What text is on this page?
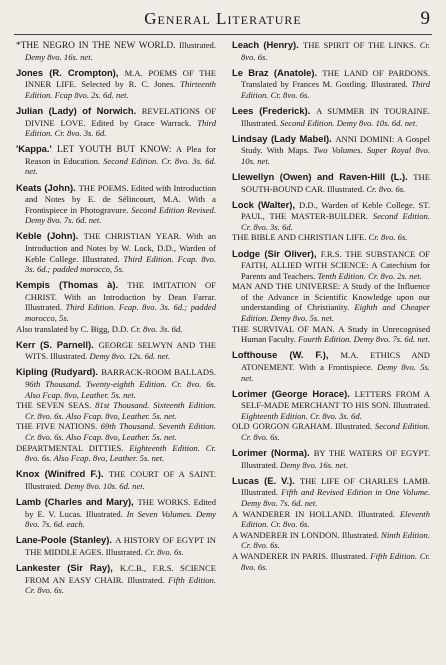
General Literature	9

*THE NEGRO IN THE NEW WORLD. Illustrated. Demy 8vo. 16s. net.

Jones (R. Crompton), M.A. POEMS OF THE INNER LIFE. Selected by R. C. Jones. Thirteenth Edition. Fcap 8vo. 2s. 6d. net.

Julian (Lady) of Norwich. REVELATIONS OF DIVINE LOVE. Edited by Grace Warrack. Third Edition. Cr. 8vo. 3s. 6d.

'Kappa.' LET YOUTH BUT KNOW: A Plea for Reason in Education. Second Edition. Cr. 8vo. 3s. 6d. net.

Keats (John). THE POEMS. Edited with Introduction and Notes by E. de Sélincourt, M.A. With a Frontispiece in Photogravure. Second Edition Revised. Demy 8vo. 7s. 6d. net.

Keble (John). THE CHRISTIAN YEAR. With an Introduction and Notes by W. Lock, D.D., Warden of Keble College. Illustrated. Third Edition. Fcap. 8vo. 3s. 6d.; padded morocco, 5s.

Kempis (Thomas à). THE IMITATION OF CHRIST. With an Introduction by Dean Farrar. Illustrated. Third Edition. Fcap. 8vo. 3s. 6d.; padded morocco, 5s.

Also translated by C. Bigg, D.D. Cr. 8vo. 3s. 6d.

Kerr (S. Parnell). GEORGE SELWYN AND THE WITS. Illustrated. Demy 8vo. 12s. 6d. net.

Kipling (Rudyard). BARRACK-ROOM BALLADS. 96th Thousand. Twenty-eighth Edition. Cr. 8vo. 6s. Also Fcap. 8vo, Leather. 5s. net.

THE SEVEN SEAS. 81st Thousand. Sixteenth Edition. Cr. 8vo. 6s. Also Fcap. 8vo, Leather. 5s. net.

THE FIVE NATIONS. 69th Thousand. Seventh Edition. Cr. 8vo. 6s. Also Fcap. 8vo, Leather. 5s. net.

DEPARTMENTAL DITTIES. Eighteenth Edition. Cr. 8vo. 6s. Also Fcap. 8vo, Leather. 5s. net.

Knox (Winifred F.). THE COURT OF A SAINT. Illustrated. Demy 8vo. 10s. 6d. net.

Lamb (Charles and Mary), THE WORKS. Edited by E. V. Lucas. Illustrated. In Seven Volumes. Demy 8vo. 7s. 6d. each.

Lane-Poole (Stanley). A HISTORY OF EGYPT IN THE MIDDLE AGES. Illustrated. Cr. 8vo. 6s.

Lankester (Sir Ray), K.C.B., F.R.S. SCIENCE FROM AN EASY CHAIR. Illustrated. Fifth Edition. Cr. 8vo. 6s.

Leach (Henry). THE SPIRIT OF THE LINKS. Cr. 8vo. 6s.

Le Braz (Anatole). THE LAND OF PARDONS. Translated by Frances M. Gostling. Illustrated. Third Edition. Cr. 8vo. 6s.

Lees (Frederick). A SUMMER IN TOURAINE. Illustrated. Second Edition. Demy 8vo. 10s. 6d. net.

Lindsay (Lady Mabel). ANNI DOMINI: A Gospel Study. With Maps. Two Volumes. Super Royal 8vo. 10s. net.

Llewellyn (Owen) and Raven-Hill (L.). THE SOUTH-BOUND CAR. Illustrated. Cr. 8vo. 6s.

Lock (Walter), D.D., Warden of Keble College. ST. PAUL, THE MASTER-BUILDER. Second Edition. Cr. 8vo. 3s. 6d.

THE BIBLE AND CHRISTIAN LIFE. Cr. 8vo. 6s.

Lodge (Sir Oliver), F.R.S. THE SUBSTANCE OF FAITH, ALLIED WITH SCIENCE: A Catechism for Parents and Teachers. Tenth Edition. Cr. 8vo. 2s. net.

MAN AND THE UNIVERSE: A Study of the Influence of the Advance in Scientific Knowledge upon our understanding of Christianity. Eighth and Cheaper Edition. Demy 8vo. 5s. net.

THE SURVIVAL OF MAN. A Study in Unrecognised Human Faculty. Fourth Edition. Demy 8vo. 7s. 6d. net.

Lofthouse (W. F.), M.A. ETHICS AND ATONEMENT. With a Frontispiece. Demy 8vo. 5s. net.

Lorimer (George Horace). LETTERS FROM A SELF-MADE MERCHANT TO HIS SON. Illustrated. Eighteenth Edition. Cr. 8vo. 3s. 6d.

OLD GORGON GRAHAM. Illustrated. Second Edition. Cr. 8vo. 6s.

Lorimer (Norma). BY THE WATERS OF EGYPT. Illustrated. Demy 8vo. 16s. net.

Lucas (E. V.). THE LIFE OF CHARLES LAMB. Illustrated. Fifth and Revised Edition in One Volume. Demy 8vo. 7s. 6d. net.

A WANDERER IN HOLLAND. Illustrated. Eleventh Edition. Cr. 8vo. 6s.

A WANDERER IN LONDON. Illustrated. Ninth Edition. Cr. 8vo. 6s.

A WANDERER IN PARIS. Illustrated. Fifth Edition. Cr. 8vo. 6s.
